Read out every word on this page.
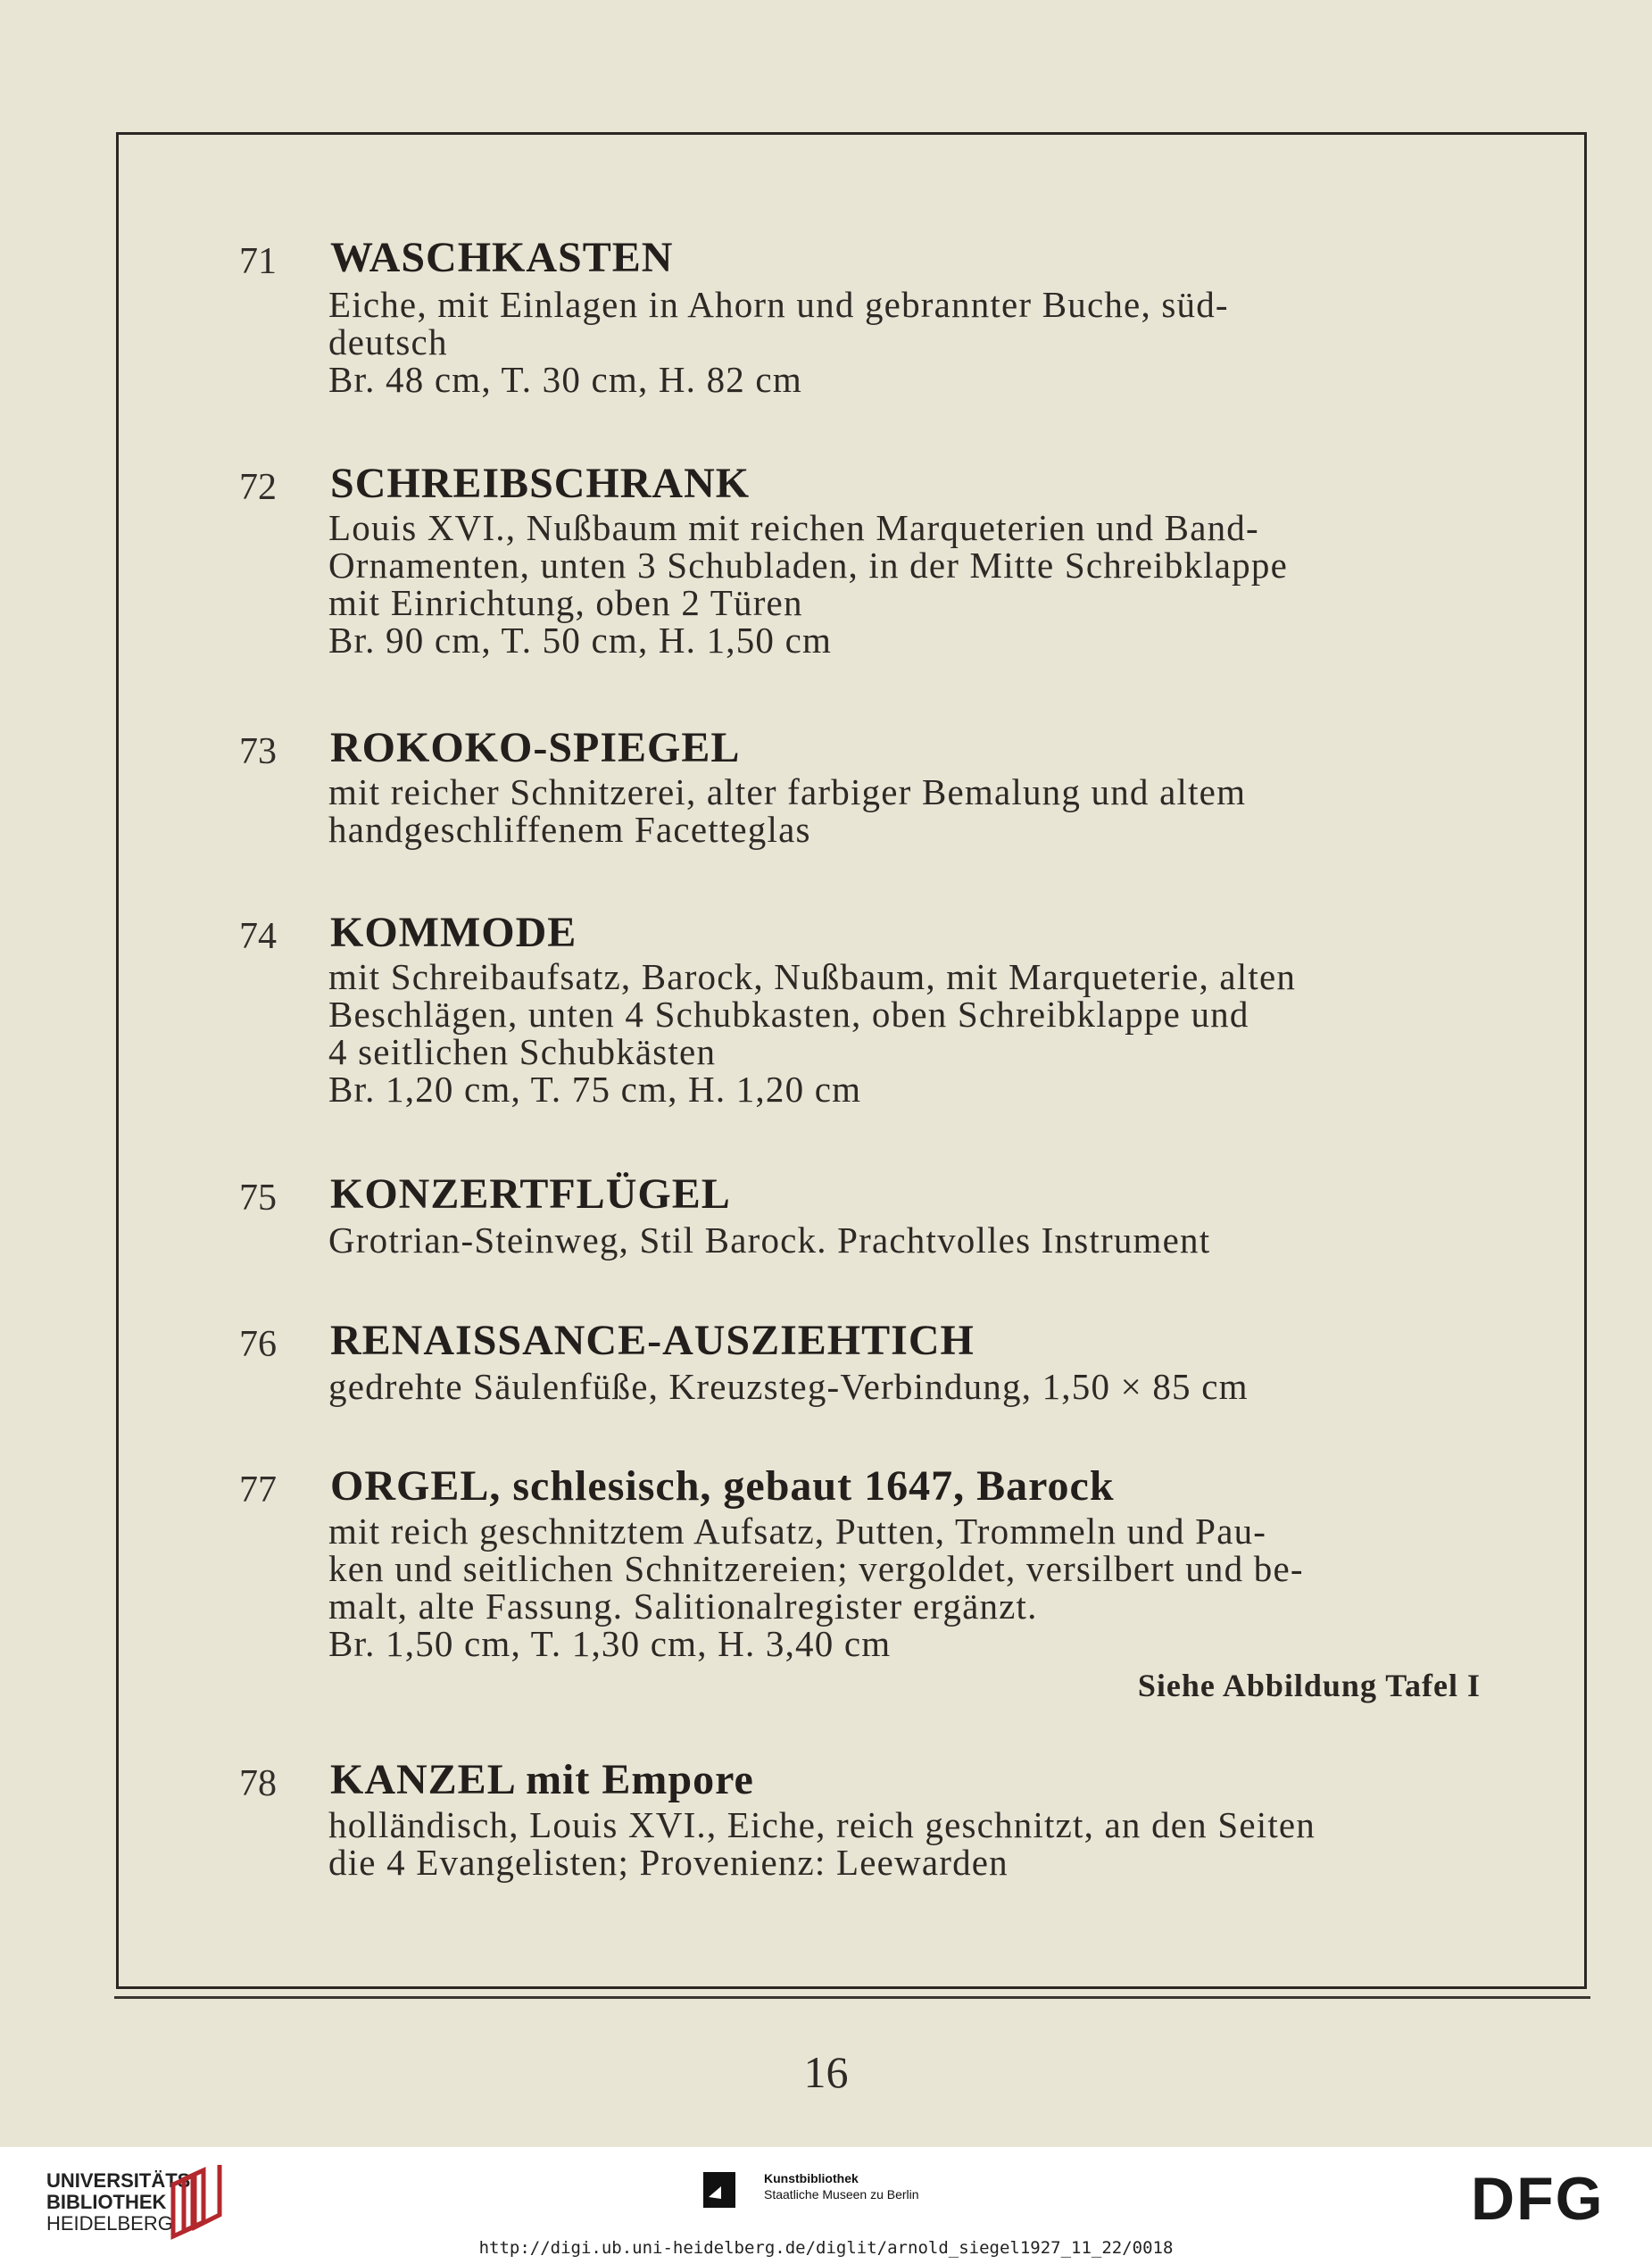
71 WASCHKASTEN
Eiche, mit Einlagen in Ahorn und gebrannter Buche, süd-
deutsch
Br. 48 cm, T. 30 cm, H. 82 cm
72 SCHREIBSCHRANK
Louis XVI., Nußbaum mit reichen Marqueterien und Band-
Ornamenten, unten 3 Schubladen, in der Mitte Schreibklappe
mit Einrichtung, oben 2 Türen
Br. 90 cm, T. 50 cm, H. 1,50 cm
73 ROKOKO-SPIEGEL
mit reicher Schnitzerei, alter farbiger Bemalung und altem
handgeschliffenem Facetteglas
74 KOMMODE
mit Schreibaufsatz, Barock, Nußbaum, mit Marqueterie, alten
Beschlägen, unten 4 Schubkasten, oben Schreibklappe und
4 seitlichen Schubkästen
Br. 1,20 cm, T. 75 cm, H. 1,20 cm
75 KONZERTFLÜGEL
Grotrian-Steinweg, Stil Barock. Prachtvolles Instrument
76 RENAISSANCE-AUSZIEHTICH
gedrehte Säulenfüße, Kreuzsteg-Verbindung, 1,50 × 85 cm
77 ORGEL, schlesisch, gebaut 1647, Barock
mit reich geschnitztem Aufsatz, Putten, Trommeln und Pau-
ken und seitlichen Schnitzereien; vergoldet, versilbert und be-
malt, alte Fassung. Salitionalregister ergänzt.
Br. 1,50 cm, T. 1,30 cm, H. 3,40 cm
Siehe Abbildung Tafel I
78 KANZEL mit Empore
holländisch, Louis XVI., Eiche, reich geschnitzt, an den Seiten
die 4 Evangelisten; Provenienz: Leewarden
16
UNIVERSITÄTS-
BIBLIOTHEK
HEIDELBERG
Kunstbibliothek
Staatliche Museen zu Berlin	DFG
http://digi.ub.uni-heidelberg.de/diglit/arnold_siegel1927_11_22/0018
